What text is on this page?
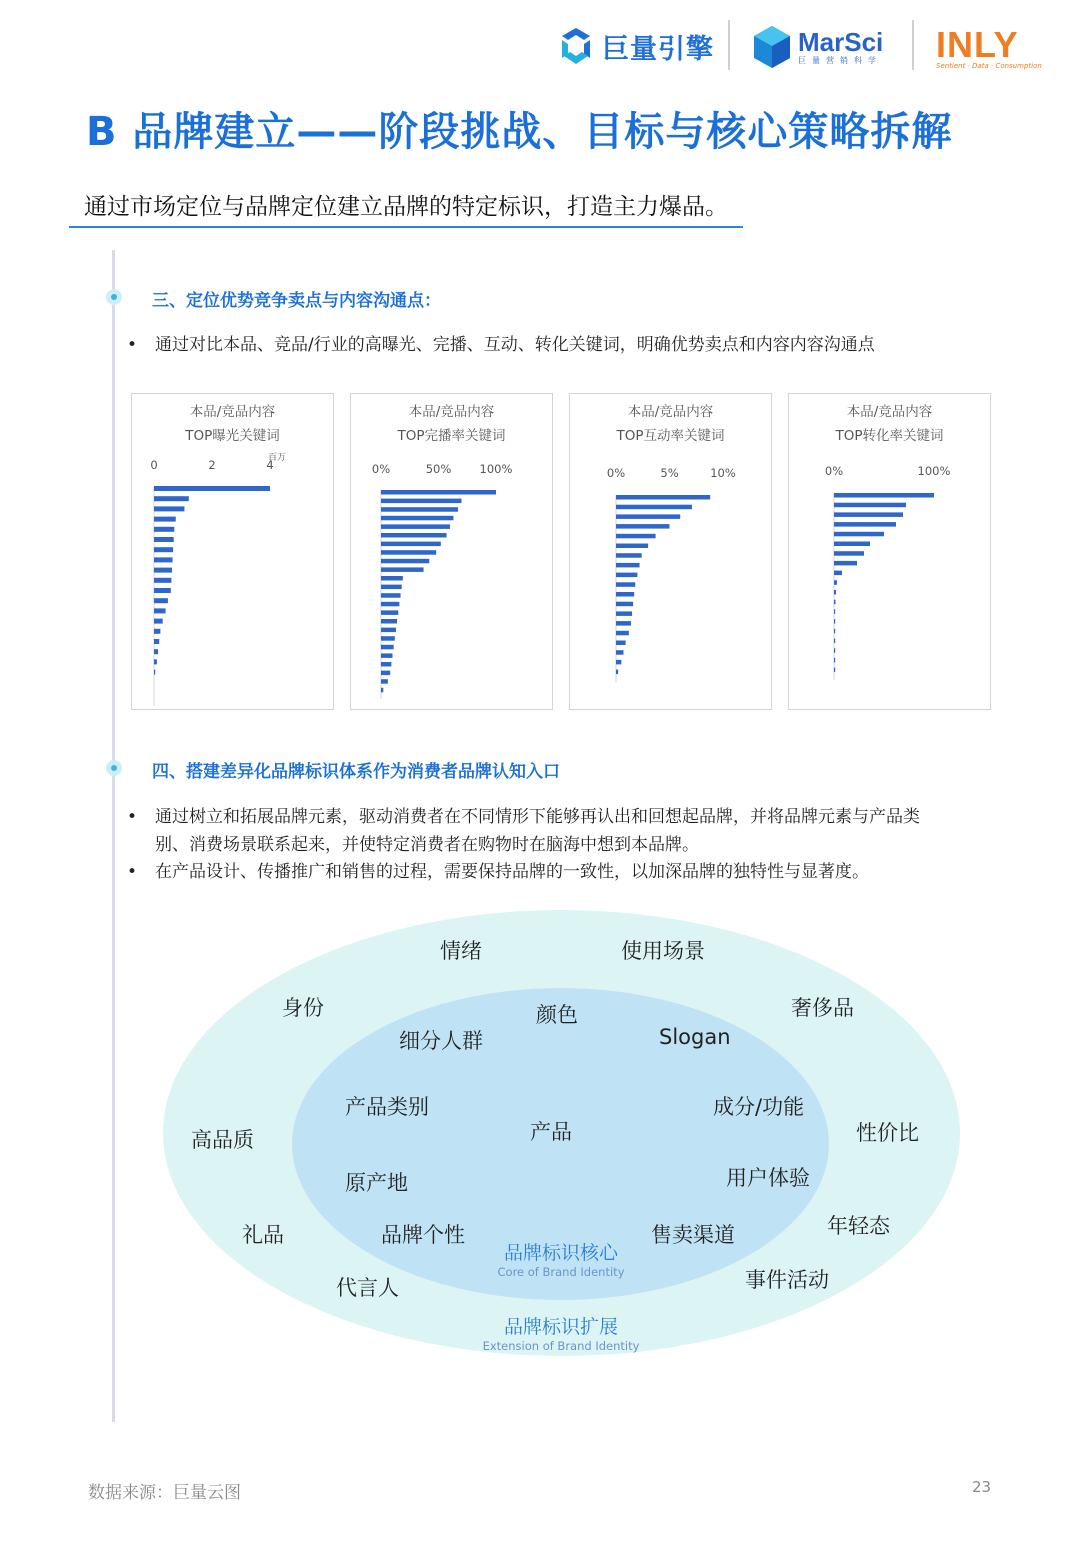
巨量引擎	MarSci
巨量营销科学 INLY
Sentient · Data · Consumption
B 品牌建立——阶段挑战、目标与核心策略拆解
通过市场定位与品牌定位建立品牌的特定标识，打造主力爆品。
三、定位优势竞争卖点与内容沟通点：
• 通过对比本品、竞品/行业的高曝光、完播、互动、转化关键词，明确优势卖点和内容内容沟通点
本品/竞品内容
TOP曝光关键词
0	2	4
百万
本品/竞品内容
TOP完播率关键词
0%	50% 100%
本品/竞品内容
TOP互动率关键词
0%	5%	10%
本品/竞品内容
TOP转化率关键词
0%	100%
四、搭建差异化品牌标识体系作为消费者品牌认知入口
• 通过树立和拓展品牌元素，驱动消费者在不同情形下能够再认出和回想起品牌，并将品牌元素与产品类
别、消费场景联系起来，并使特定消费者在购物时在脑海中想到本品牌。
• 在产品设计、传播推广和销售的过程，需要保持品牌的一致性，以加深品牌的独特性与显著度。
情绪	使用场景
身份	奢侈品
高品质	性价比
礼品	年轻态
代言人	事件活动
颜色
细分人群	Slogan
产品类别
产品
成分/功能
原产地	用户体验
品牌个性	售卖渠道
品牌标识核心
Core of Brand Identity
品牌标识扩展
Extension of Brand Identity
数据来源：巨量云图	23
